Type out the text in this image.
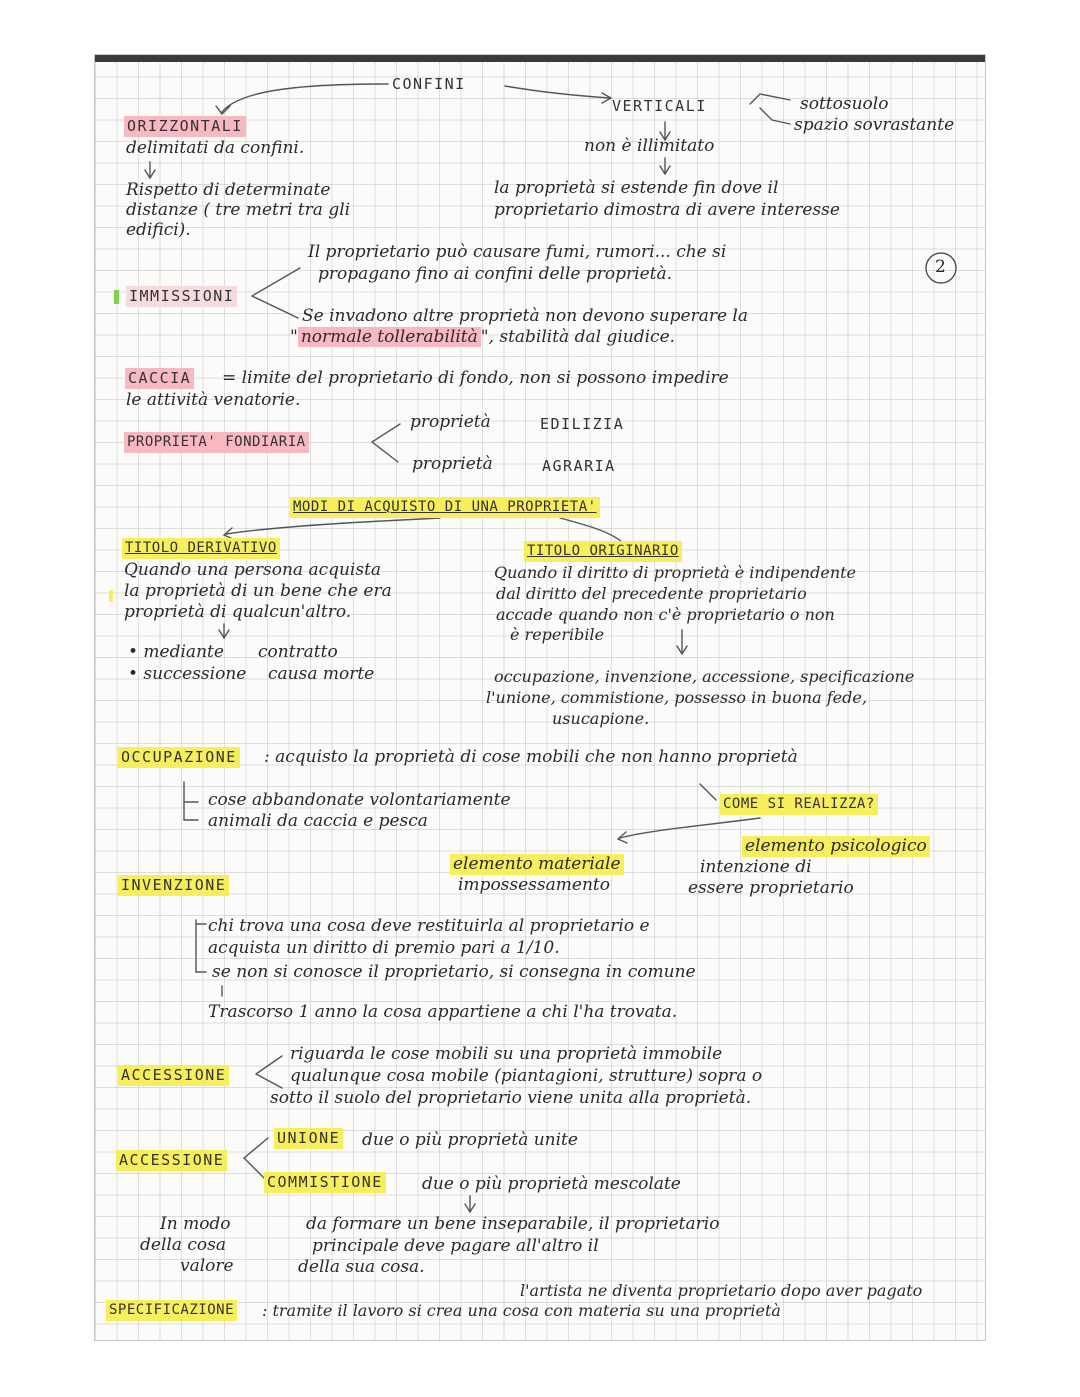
CONFINI
ORIZZONTALI
delimitati da confini.
Rispetto di determinate
distanze ( tre metri tra gli
edifici).
VERTICALI	sottosuolo
spazio sovrastante
non è illimitato
la proprietà si estende fin dove il
proprietario dimostra di avere interesse
2
IMMISSIONI
Il proprietario può causare fumi, rumori... che si
propagano fino ai confini delle proprietà.
Se invadono altre proprietà non devono superare la
" normale tollerabilità ", stabilità dal giudice.
CACCIA = limite del proprietario di fondo, non si possono impedire
le attività venatorie.
PROPRIETA' FONDIARIA
proprietà	EDILIZIA
proprietà	AGRARIA
MODI DI ACQUISTO DI UNA PROPRIETA'
TITOLO DERIVATIVO
Quando una persona acquista
la proprietà di un bene che era
proprietà di qualcun'altro.
• mediante contratto
• successione causa morte
TITOLO ORIGINARIO
Quando il diritto di proprietà è indipendente
dal diritto del precedente proprietario
accade quando non c'è proprietario o non
è reperibile
occupazione, invenzione, accessione, specificazione
l'unione, commistione, possesso in buona fede,
usucapione.
OCCUPAZIONE : acquisto la proprietà di cose mobili che non hanno proprietà
cose abbandonate volontariamente
animali da caccia e pesca
COME SI REALIZZA?
elemento psicologico
intenzione di
essere proprietario
elemento materiale
impossessamento
INVENZIONE
chi trova una cosa deve restituirla al proprietario e
acquista un diritto di premio pari a 1/10.
se non si conosce il proprietario, si consegna in comune
Trascorso 1 anno la cosa appartiene a chi l'ha trovata.
ACCESSIONE
riguarda le cose mobili su una proprietà immobile
qualunque cosa mobile (piantagioni, strutture) sopra o
sotto il suolo del proprietario viene unita alla proprietà.
ACCESSIONE
UNIONE due o più proprietà unite
COMMISTIONE due o più proprietà mescolate
In modo
della cosa
valore
da formare un bene inseparabile, il proprietario
principale deve pagare all'altro il
della sua cosa.
l'artista ne diventa proprietario dopo aver pagato
SPECIFICAZIONE : tramite il lavoro si crea una cosa con materia su una proprietà
